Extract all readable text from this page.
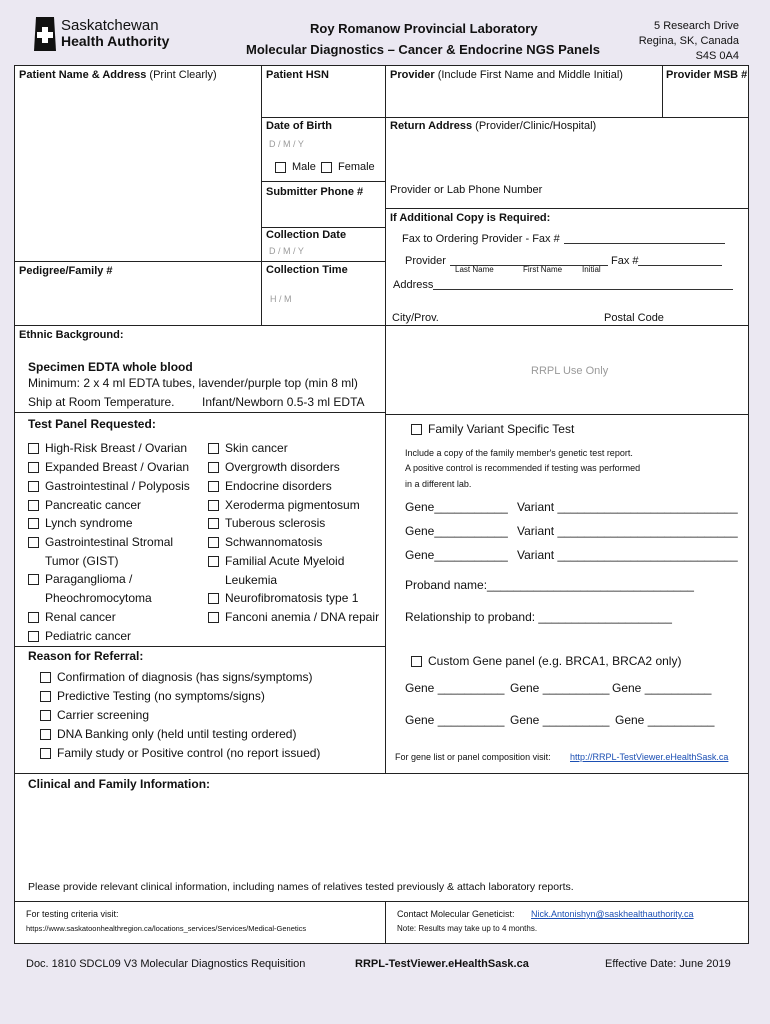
Saskatchewan
Health Authority
Roy Romanow Provincial Laboratory
Molecular Diagnostics – Cancer & Endocrine NGS Panels
5 Research Drive
Regina, SK, Canada
S4S 0A4
Patient Name & Address (Print Clearly)	Patient HSN	Provider (Include First Name and Middle Initial)	Provider MSB #
Date of Birth
D / M / Y
Male	Female
Return Address (Provider/Clinic/Hospital)
Submitter Phone # Provider or Lab Phone Number
If Additional Copy is Required:
Fax to Ordering Provider - Fax #
Provider	Fax #
Last Name	First Name Initial
Address
City/Prov.	Postal Code
Collection Date
D / M / Y
Pedigree/Family #	Collection Time
H / M
Ethnic Background:
RRPL Use Only
Specimen EDTA whole blood
Minimum: 2 x 4 ml EDTA tubes, lavender/purple top (min 8 ml)
Ship at Room Temperature. Infant/Newborn 0.5-3 ml EDTA
Test Panel Requested:
High-Risk Breast / Ovarian
Expanded Breast / Ovarian
Gastrointestinal / Polyposis
Pancreatic cancer
Lynch syndrome
Gastrointestinal Stromal
Paraganglioma /
Renal cancer
Pediatric cancer
Skin cancer
Overgrowth disorders
Endocrine disorders
Xeroderma pigmentosum
Tuberous sclerosis
Schwannomatosis
Familial Acute Myeloid
Neurofibromatosis type 1
Fanconi anemia / DNA repair
Tumor (GIST)
Pheochromocytoma
Leukemia
Reason for Referral:
Confirmation of diagnosis (has signs/symptoms)
Predictive Testing (no symptoms/signs)
Carrier screening
DNA Banking only (held until testing ordered)
Family study or Positive control (no report issued)
Family Variant Specific Test
Include a copy of the family member's genetic test report.
A positive control is recommended if testing was performed
in a different lab.
Gene___________ Variant ___________________________
Gene___________ Variant ___________________________
Gene___________ Variant ___________________________
Proband name:_______________________________
Relationship to proband: ____________________
Custom Gene panel (e.g. BRCA1, BRCA2 only)
Gene __________ Gene __________ Gene __________
Gene __________ Gene __________ Gene __________
For gene list or panel composition visit: http://RRPL-TestViewer.eHealthSask.ca
Clinical and Family Information:
Please provide relevant clinical information, including names of relatives tested previously & attach laboratory reports.
For testing criteria visit:
https://www.saskatoonhealthregion.ca/locations_services/Services/Medical-Genetics
Contact Molecular Geneticist: Nick.Antonishyn@saskhealthauthority.ca
Note: Results may take up to 4 months.
Doc. 1810 SDCL09 V3 Molecular Diagnostics Requisition	RRPL-TestViewer.eHealthSask.ca	Effective Date: June 2019
